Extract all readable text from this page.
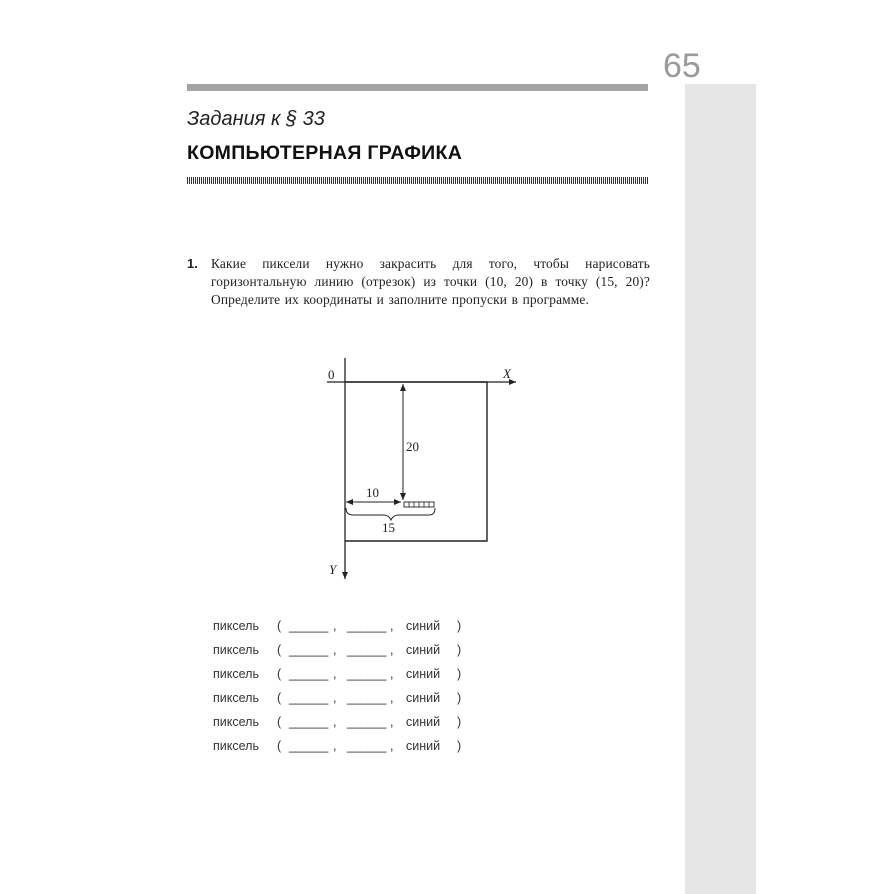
65
Задания к § 33
КОМПЬЮТЕРНАЯ ГРАФИКА
1. Какие пиксели нужно закрасить для того, чтобы нарисовать горизонтальную линию (отрезок) из точки (10, 20) в точку (15, 20)? Определите их координаты и заполните пропуски в программе.
0	X
Y
20
10
15
пиксель ( ______ , ______ , синий )
пиксель ( ______ , ______ , синий )
пиксель ( ______ , ______ , синий )
пиксель ( ______ , ______ , синий )
пиксель ( ______ , ______ , синий )
пиксель ( ______ , ______ , синий )
